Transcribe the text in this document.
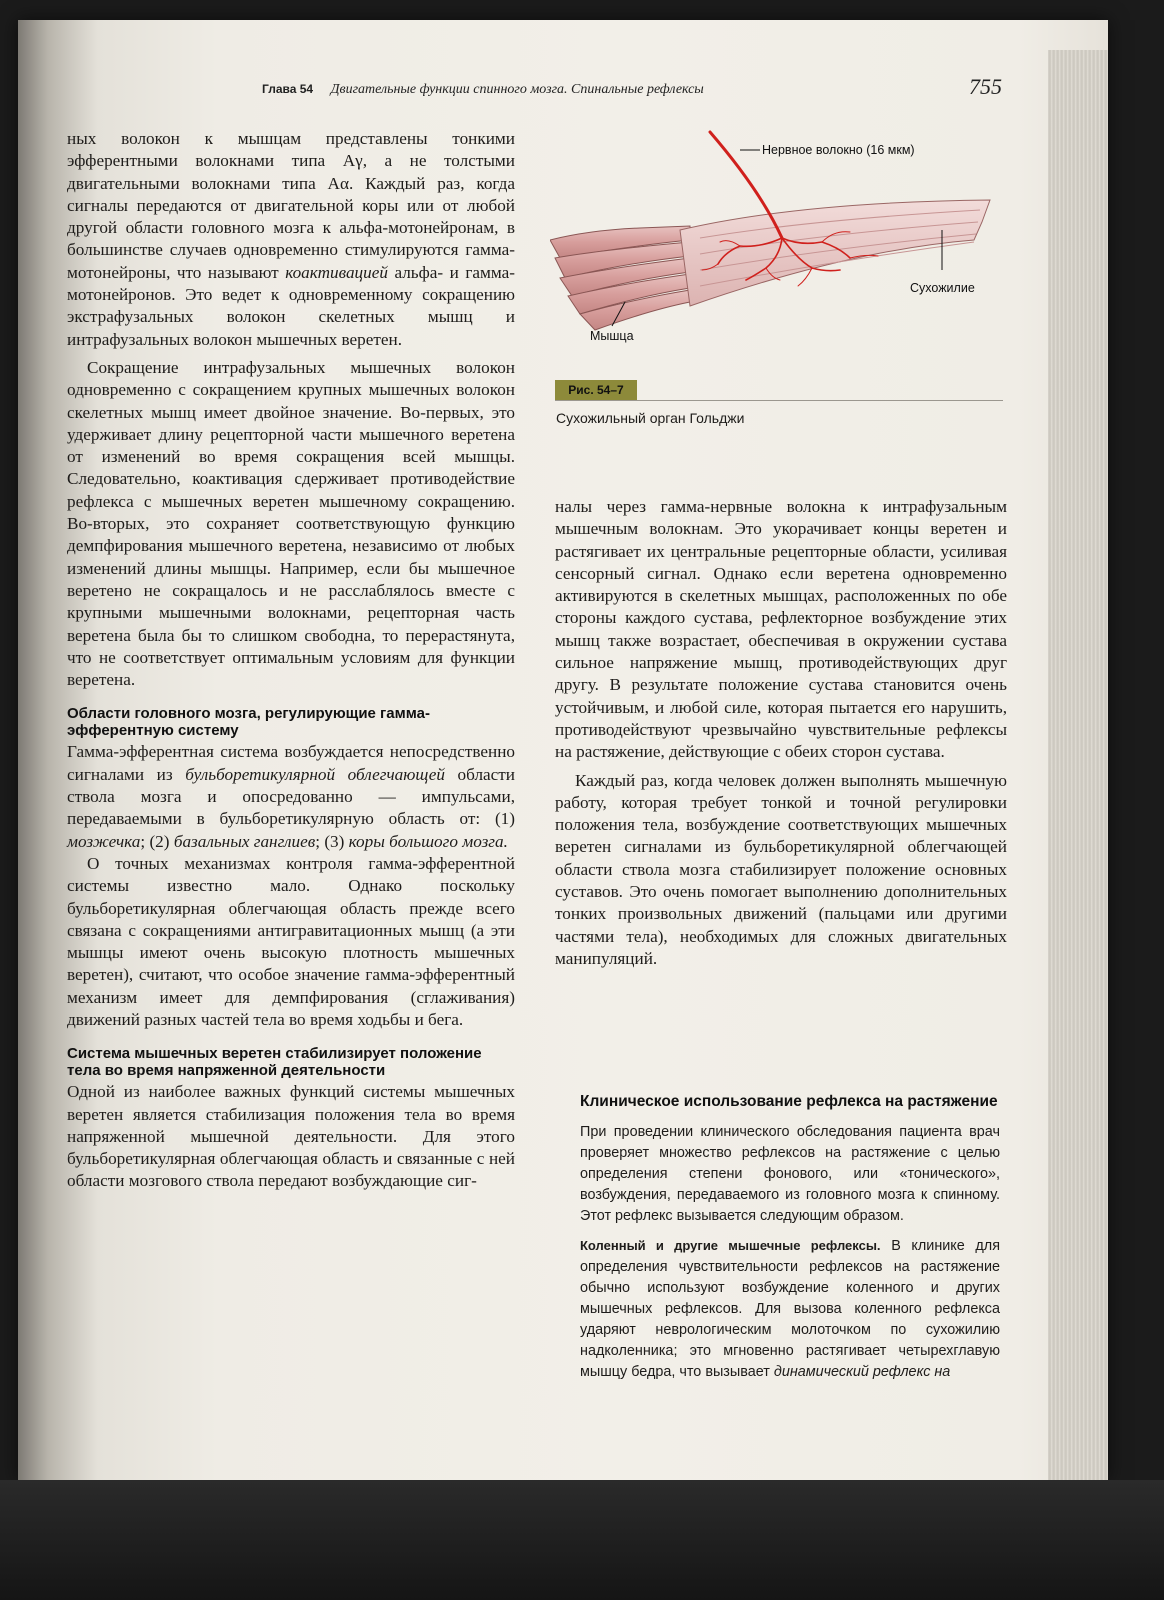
Глава 54 Двигательные функции спинного мозга. Спинальные рефлексы	755

ных волокон к мышцам представлены тонкими эфферентными волокнами типа Aγ, а не толстыми двигательными волокнами типа Aα. Каждый раз, когда сигналы передаются от двигательной коры или от любой другой области головного мозга к альфа-мотонейронам, в большинстве случаев одновременно стимулируются гамма-мотонейроны, что называют коактивацией альфа- и гамма-мотонейронов. Это ведет к одновременному сокращению экстрафузальных волокон скелетных мышц и интрафузальных волокон мышечных веретен.

Сокращение интрафузальных мышечных волокон одновременно с сокращением крупных мышечных волокон скелетных мышц имеет двойное значение. Во-первых, это удерживает длину рецепторной части мышечного веретена от изменений во время сокращения всей мышцы. Следовательно, коактивация сдерживает противодействие рефлекса с мышечных веретен мышечному сокращению. Во-вторых, это сохраняет соответствующую функцию демпфирования мышечного веретена, независимо от любых изменений длины мышцы. Например, если бы мышечное веретено не сокращалось и не расслаблялось вместе с крупными мышечными волокнами, рецепторная часть веретена была бы то слишком свободна, то перерастянута, что не соответствует оптимальным условиям для функции веретена.

Области головного мозга, регулирующие гамма-эфферентную систему

Гамма-эфферентная система возбуждается непосредственно сигналами из бульборетикулярной облегчающей области ствола мозга и опосредованно — импульсами, передаваемыми в бульборетикулярную область от: (1) мозжечка; (2) базальных ганглиев; (3) коры большого мозга.

О точных механизмах контроля гамма-эфферентной системы известно мало. Однако поскольку бульборетикулярная облегчающая область прежде всего связана с сокращениями антигравитационных мышц (а эти мышцы имеют очень высокую плотность мышечных веретен), считают, что особое значение гамма-эфферентный механизм имеет для демпфирования (сглаживания) движений разных частей тела во время ходьбы и бега.

Система мышечных веретен стабилизирует положение тела во время напряженной деятельности

Одной из наиболее важных функций системы мышечных веретен является стабилизация положения тела во время напряженной мышечной деятельности. Для этого бульборетикулярная облегчающая область и связанные с ней области мозгового ствола передают возбуждающие сиг-

Нервное волокно (16 мкм)
Сухожилие
Мышца
Рис. 54–7
Сухожильный орган Гольджи

налы через гамма-нервные волокна к интрафузальным мышечным волокнам. Это укорачивает концы веретен и растягивает их центральные рецепторные области, усиливая сенсорный сигнал. Однако если веретена одновременно активируются в скелетных мышцах, расположенных по обе стороны каждого сустава, рефлекторное возбуждение этих мышц также возрастает, обеспечивая в окружении сустава сильное напряжение мышц, противодействующих друг другу. В результате положение сустава становится очень устойчивым, и любой силе, которая пытается его нарушить, противодействуют чрезвычайно чувствительные рефлексы на растяжение, действующие с обеих сторон сустава.

Каждый раз, когда человек должен выполнять мышечную работу, которая требует тонкой и точной регулировки положения тела, возбуждение соответствующих мышечных веретен сигналами из бульборетикулярной облегчающей области ствола мозга стабилизирует положение основных суставов. Это очень помогает выполнению дополнительных тонких произвольных движений (пальцами или другими частями тела), необходимых для сложных двигательных манипуляций.

Клиническое использование рефлекса на растяжение

При проведении клинического обследования пациента врач проверяет множество рефлексов на растяжение с целью определения степени фонового, или «тонического», возбуждения, передаваемого из головного мозга к спинному. Этот рефлекс вызывается следующим образом.

Коленный и другие мышечные рефлексы. В клинике для определения чувствительности рефлексов на растяжение обычно используют возбуждение коленного и других мышечных рефлексов. Для вызова коленного рефлекса ударяют неврологическим молоточком по сухожилию надколенника; это мгновенно растягивает четырехглавую мышцу бедра, что вызывает динамический рефлекс на
